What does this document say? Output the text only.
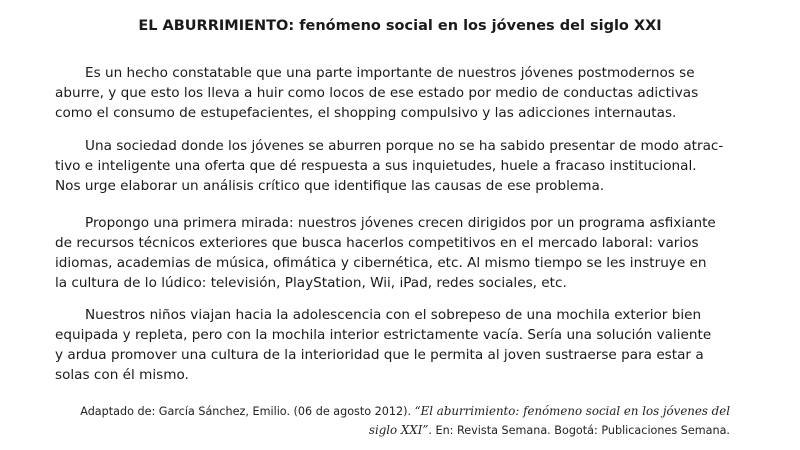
EL ABURRIMIENTO: fenómeno social en los jóvenes del siglo XXI

Es un hecho constatable que una parte importante de nuestros jóvenes postmodernos se
aburre, y que esto los lleva a huir como locos de ese estado por medio de conductas adictivas
como el consumo de estupefacientes, el shopping compulsivo y las adicciones internautas.

Una sociedad donde los jóvenes se aburren porque no se ha sabido presentar de modo atrac-
tivo e inteligente una oferta que dé respuesta a sus inquietudes, huele a fracaso institucional.
Nos urge elaborar un análisis crítico que identifique las causas de ese problema.

Propongo una primera mirada: nuestros jóvenes crecen dirigidos por un programa asfixiante
de recursos técnicos exteriores que busca hacerlos competitivos en el mercado laboral: varios
idiomas, academias de música, ofimática y cibernética, etc. Al mismo tiempo se les instruye en
la cultura de lo lúdico: televisión, PlayStation, Wii, iPad, redes sociales, etc.

Nuestros niños viajan hacia la adolescencia con el sobrepeso de una mochila exterior bien
equipada y repleta, pero con la mochila interior estrictamente vacía. Sería una solución valiente
y ardua promover una cultura de la interioridad que le permita al joven sustraerse para estar a
solas con él mismo.

Adaptado de: García Sánchez, Emilio. (06 de agosto 2012). “El aburrimiento: fenómeno social en los jóvenes del
siglo XXI”. En: Revista Semana. Bogotá: Publicaciones Semana.
